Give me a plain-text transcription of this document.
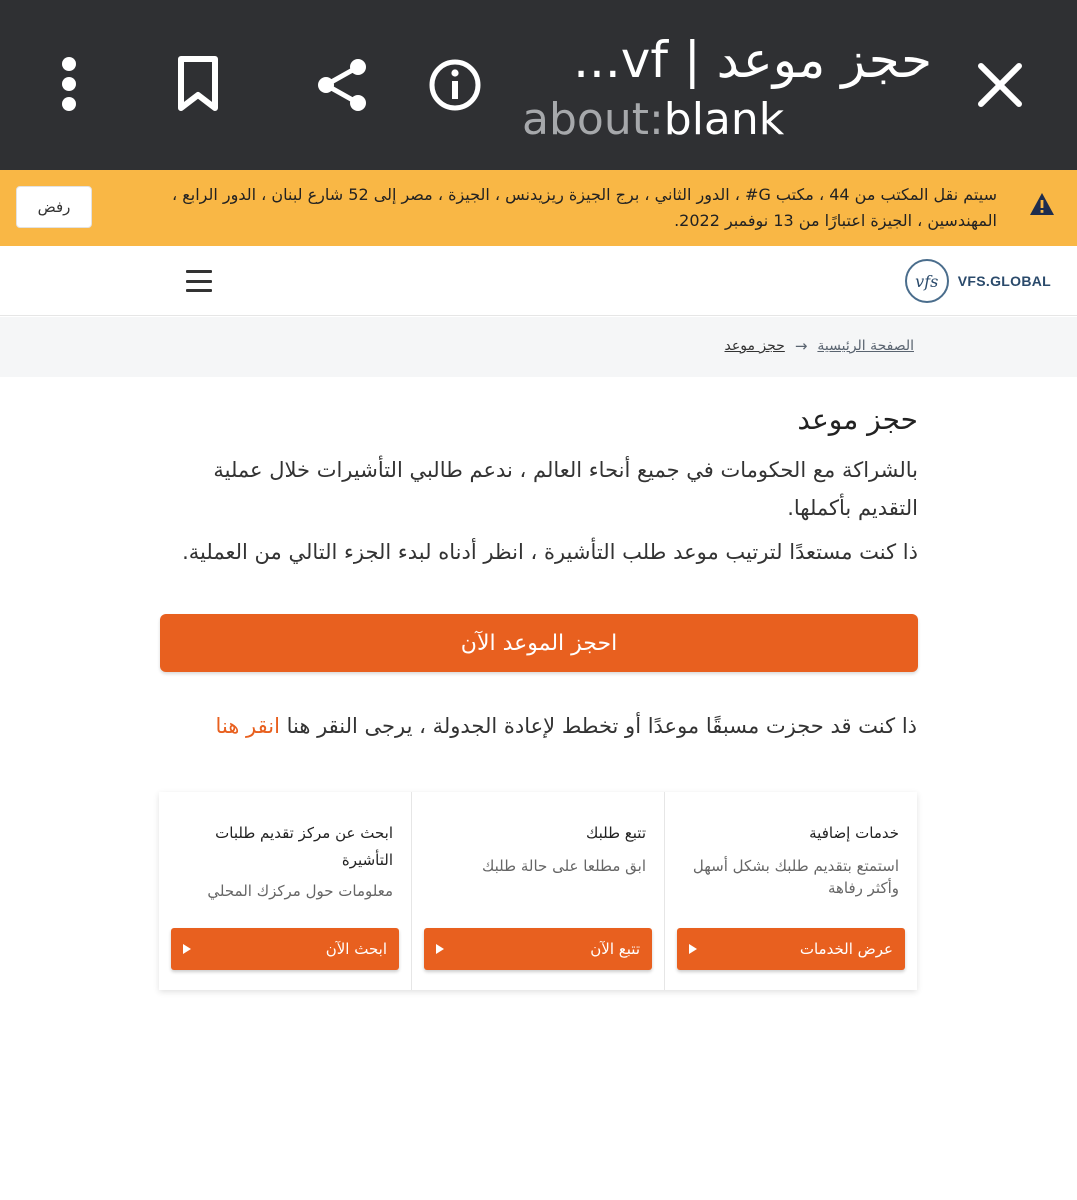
حجز موعد | vf...
about:blank
سيتم نقل المكتب من 44 ، مكتب G# ، الدور الثاني ، برج الجيزة ريزيدنس ، الجيزة ، مصر إلى 52 شارع لبنان ، الدور الرابع ، المهندسين ، الجيزة اعتبارًا من 13 نوفمبر 2022.
رفض
vfs	VFS.GLOBAL
الصفحة الرئيسية
→
حجز موعد
حجز موعد

بالشراكة مع الحكومات في جميع أنحاء العالم ، ندعم طالبي التأشيرات خلال عملية التقديم بأكملها.

ذا كنت مستعدًا لترتيب موعد طلب التأشيرة ، انظر أدناه لبدء الجزء التالي من العملية.

احجز الموعد الآن
ذا كنت قد حجزت مسبقًا موعدًا أو تخطط لإعادة الجدولة ، يرجى النقر هنا انقر هنا
خدمات إضافية
استمتع بتقديم طلبك بشكل أسهل وأكثر رفاهة
عرض الخدمات
تتبع طلبك
ابق مطلعا على حالة طلبك
تتبع الآن
ابحث عن مركز تقديم طلبات التأشيرة
معلومات حول مركزك المحلي
ابحث الآن
